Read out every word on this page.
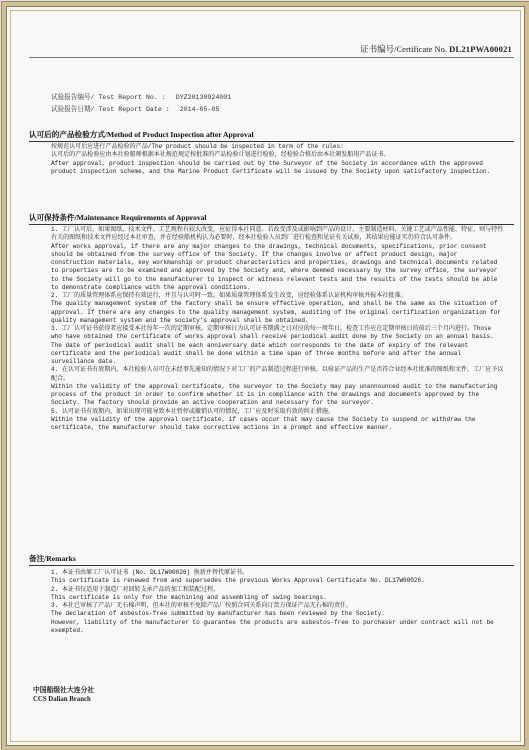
证书编号/Certificate No. DL21PWA00021
试验报告编号/ Test Report No. : DYZ20130924001
试验报告日期/ Test Report Date : 2014-05-05
认可后的产品检验方式/Method of Product Inspection after Approval

按规范认可后应进行产品检验的产品/The product should be inspected in term of the rules:

认可后的产品检验应由本社验船师根据本社规范规定按批准的产品检验计划进行检验，经检验合格后由本社颁发船用产品证书。

After approval, product inspection should be carried out by the Surveyor of the Society in accordance with the approved product inspection scheme, and the Marine Product Certificate will be issued by the Society upon satisfactory inspection.

认可保持条件/Maintenance Requirements of Approval

1. 工厂认可后，如果图纸、技术文件、工艺规程有较大改变，应征得本社同意。若改变涉及或影响到产品的设计、主要制造材料、关键工艺或产品性能、特征，则与特性有关的图纸和技术文件应经过本社审查，并在经验船机构认为必要时，经本社检验人员到厂进行检查和见证有关试验，其结果应能证实仍符合认可条件。

After works approval, if there are any major changes to the drawings, technical documents, specifications, prior consent should be obtained from the survey office of the Society. If the changes involve or affect product design, major construction materials, key workmanship or product characteristics and properties, drawings and technical documents related to properties are to be examined and approved by the Society and, where deemed necessary by the survey office, the surveyor to the Society will go to the manufacturer to inspect or witness relevant tests and the results of the tests should be able to demonstrate compliance with the approval conditions.

2. 工厂的质量管理体系应保持有效运行，并且与认可时一致。如果质量管理体系发生改变，应经验体系认证机构审核并报本社批准。

The quality management system of the factory shall be ensure effective operation, and shall be the same as the situation of approval. If there are any changes to the quality management system, auditing of the original certification organization for quality management system and the society's approval shall be obtained.

3. 工厂认可证书获得者应接受本社每年一次的定期审核。定期审核日为认可证书期满之日对应的每一周年日，检查工作应在定期审核日的前后三个月内进行。Those who have obtained the certificate of works approval shall receive periodical audit done by the Society on an annual basis. The date of periodical audit shall be each anniversary date which corresponds to the date of expiry of the relevant certificate and the periodical audit shall be done within a time span of three months before and after the annual surveillance date.

4. 在认可证书有效期内，本社检验人员可在未经事先通知的情况下对工厂的产品制造过程进行审核，以验证产品的生产是否符合业经本社批准的图纸和文件。工厂应予以配合。

Within the validity of the approval certificate, the surveyor to the Society may pay unannounced audit to the manufacturing process of the product in order to confirm whether it is in compliance with the drawings and documents approved by the Society. The factory should provide an active cooperation and necessary for the surveyor.

5. 认可证书有效期内，如果出现可能导致本社暂停或撤销认可的情况，工厂应及时采取有效的纠正措施。

Within the validity of the approval certificate, if cases occur that may cause the Society to suspend or withdraw the certificate, the manufacturer should take corrective actions in a prompt and effective manner.

备注/Remarks

1. 本证书由原工厂认可证书 (No. DL17W00026) 换新并替代原证书。

This certificate is renewed from and supersedes the previous Works Approval Certificate No. DL17W00026.

2. 本证书仅适用于制造厂对回转支承产品的加工和装配过程。

This certificate is only for the machining and assembling of swing bearings.

3. 本社已审核了产品厂无石棉声明，但本社的审核不免除产品厂按照合同关系向订货方保证产品无石棉的责任。

The declaration of asbestos-free submitted by manufacturer has been reviewed by the Society.

However, liability of the manufacturer to guarantee the products are asbestos-free to purchaser under contract will not be exempted.

中国船级社大连分社
CCS Dalian Branch
